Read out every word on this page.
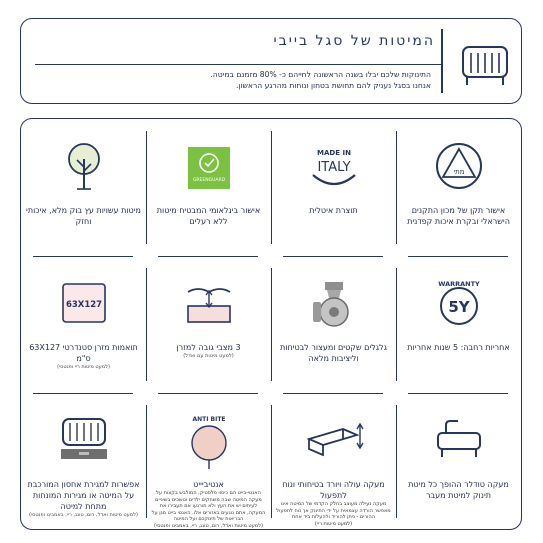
המיטות של סגל בייבי
התינוקות שלכם יבלו בשנה הראשונה לחייהם כ- 80% מזמנם במיטה.
אנחנו בסגל נעניק להם תחושת בטחון ונוחות מהרגע הראשון.
מתי
אישור תקן של מכון התקנים הישראלי ובקרת איכות קפדנית
MADE IN
ITALY
תוצרת איטלית
GREENGUARD
אישור בינלאומי המבטיח מיטות ללא רעלים
מיטות עשויות עץ בוק מלא, איכותי וחזק
WARRANTY
5Y
אחריות רחבה: 5 שנות אחריות
גלגלים שקטים ומעצור לבטיחות וליציבות מלאה
3 מצבי גובה למזרן
(למעט מיטות עם ואדל)
63X127
תואמות מזרן סטנדרטי 63X127 ס"מ
(למעט מיטות ריי ופנטסי)
מעקה טודלר ההופך כל מיטת תינוק למיטת מעבר
מעקה עולה ויורד בטיחותי ונוח לתפעול
מעקה נעילה מעוצב בחלק הקדמי של המיטה אינו מאפשר הורדה עצמאית על ידי התינוק אך נוח לתפעול ההורים - ניתן להוריד ולהעלות ביד אחת
(למעט מיטות ריי)
ANTI BITE
אנטיביייט
האנטי-בייט הם כיסוי פלסטיק, המולבש בקצות על מעקה המיטה שבה משחקים ילדים ונושכים בשיניים לעיתים יש את העץ ולא תורגעו אם תעבירו את המעקה, אתם נוגעים באזורים אלו. האנטי בייט מגן על הבריאות של תינוקכם ועל המיטה
(למעט מיטות ואדל, רום, טונג, ריי, באמבינו ופנטסי)
אפשרות למגירת אחסון המורכבת על המיטה או מגירות המונחות מתחת למיטה
(למעט מיטות ואדל, רום, טונג, ריי, באמבינו ופנטסי)
